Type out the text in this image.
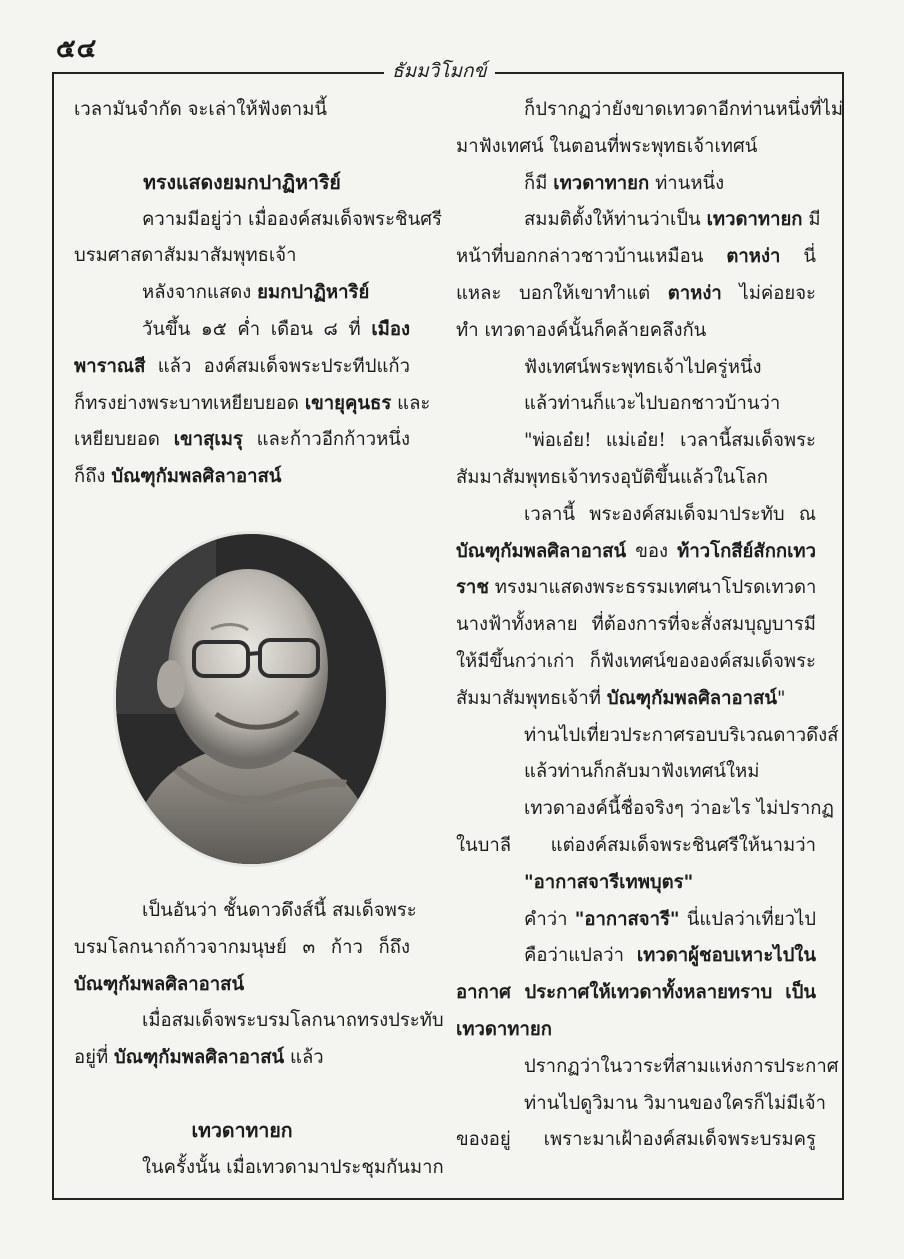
๕๔
ธัมมวิโมกข์

เวลามันจำกัด จะเล่าให้ฟังตามนี้

ทรงแสดงยมกปาฏิหาริย์

ความมีอยู่ว่า เมื่อองค์สมเด็จพระชินศรี

บรมศาสดาสัมมาสัมพุทธเจ้า

หลังจากแสดง ยมกปาฏิหาริย์

วันขึ้น ๑๕ ค่ำ เดือน ๘ ที่ เมือง

พาราณสี แล้ว องค์สมเด็จพระประทีปแก้ว

ก็ทรงย่างพระบาทเหยียบยอด เขายุคุนธร และ

เหยียบยอด เขาสุเมรุ และก้าวอีกก้าวหนึ่ง

ก็ถึง บัณฑุกัมพลศิลาอาสน์

เป็นอันว่า ชั้นดาวดึงส์นี้ สมเด็จพระ

บรมโลกนาถก้าวจากมนุษย์ ๓ ก้าว ก็ถึง

บัณฑุกัมพลศิลาอาสน์

เมื่อสมเด็จพระบรมโลกนาถทรงประทับ

อยู่ที่ บัณฑุกัมพลศิลาอาสน์ แล้ว

เทวดาทายก

ในครั้งนั้น เมื่อเทวดามาประชุมกันมาก

ก็ปรากฏว่ายังขาดเทวดาอีกท่านหนึ่งที่ไม่

มาฟังเทศน์ ในตอนที่พระพุทธเจ้าเทศน์

ก็มี เทวดาทายก ท่านหนึ่ง

สมมติตั้งให้ท่านว่าเป็น เทวดาทายก มี

หน้าที่บอกกล่าวชาวบ้านเหมือน ตาหง่า นี่

แหละ บอกให้เขาทำแต่ ตาหง่า ไม่ค่อยจะ

ทำ เทวดาองค์นั้นก็คล้ายคลึงกัน

ฟังเทศน์พระพุทธเจ้าไปครู่หนึ่ง

แล้วท่านก็แวะไปบอกชาวบ้านว่า

"พ่อเอ๋ย! แม่เอ๋ย! เวลานี้สมเด็จพระ

สัมมาสัมพุทธเจ้าทรงอุบัติขึ้นแล้วในโลก

เวลานี้ พระองค์สมเด็จมาประทับ ณ

บัณฑุกัมพลศิลาอาสน์ ของ ท้าวโกสีย์สักกเทว

ราช ทรงมาแสดงพระธรรมเทศนาโปรดเทวดา

นางฟ้าทั้งหลาย ที่ต้องการที่จะสั่งสมบุญบารมี

ให้มีขึ้นกว่าเก่า ก็ฟังเทศน์ขององค์สมเด็จพระ

สัมมาสัมพุทธเจ้าที่ บัณฑุกัมพลศิลาอาสน์"

ท่านไปเที่ยวประกาศรอบบริเวณดาวดึงส์

แล้วท่านก็กลับมาฟังเทศน์ใหม่

เทวดาองค์นี้ชื่อจริงๆ ว่าอะไร ไม่ปรากฏ

ในบาลี แต่องค์สมเด็จพระชินศรีให้นามว่า

"อากาสจารีเทพบุตร"

คำว่า "อากาสจารี" นี่แปลว่าเที่ยวไป

คือว่าแปลว่า เทวดาผู้ชอบเหาะไปใน

อากาศ ประกาศให้เทวดาทั้งหลายทราบ เป็น

เทวดาทายก

ปรากฏว่าในวาระที่สามแห่งการประกาศ

ท่านไปดูวิมาน วิมานของใครก็ไม่มีเจ้า

ของอยู่ เพราะมาเฝ้าองค์สมเด็จพระบรมครู
